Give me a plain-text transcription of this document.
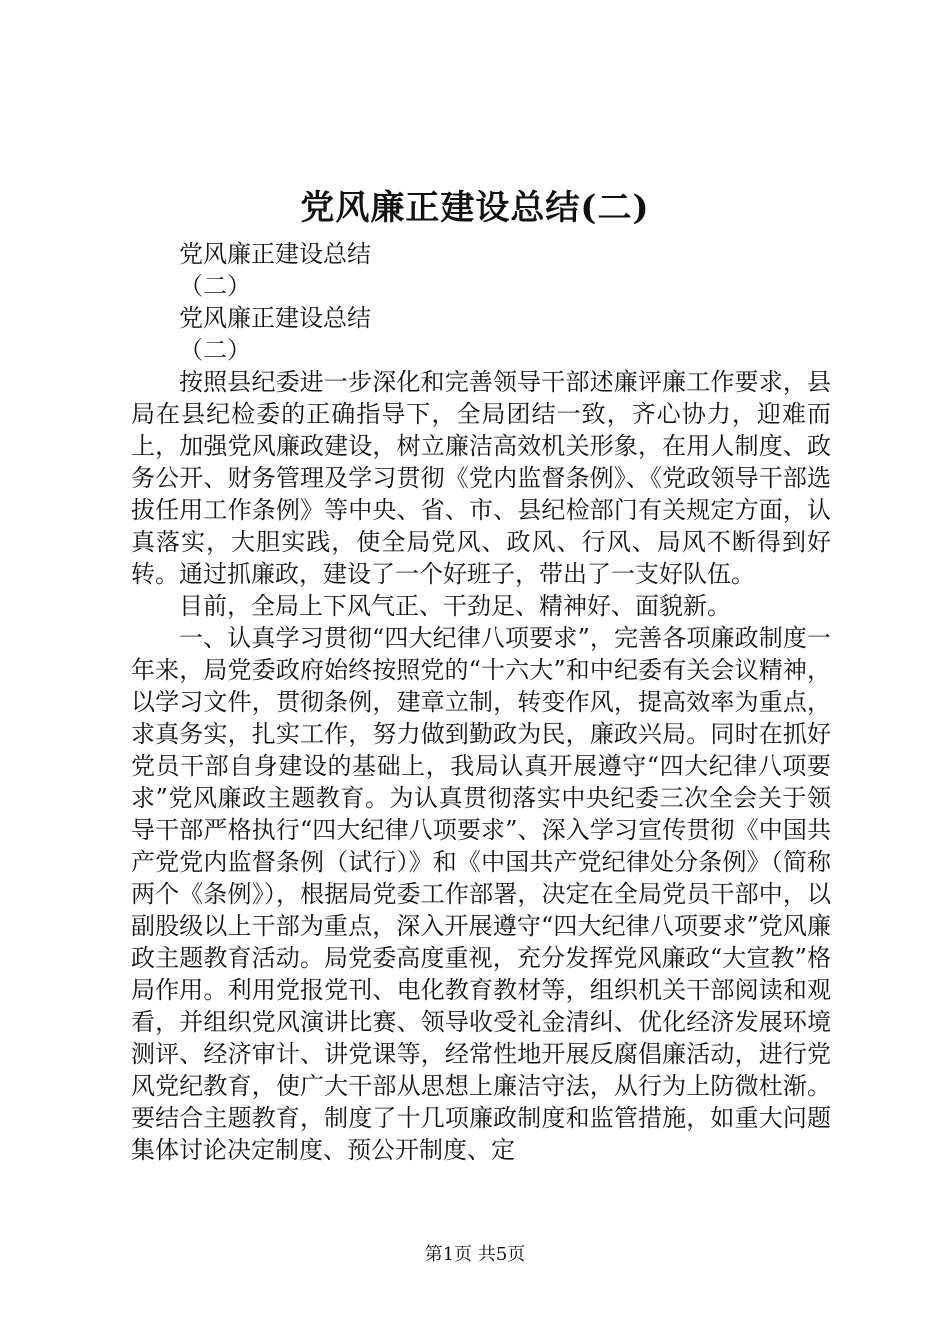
党风廉正建设总结(二)

党风廉正建设总结

（二）

党风廉正建设总结

（二）

按照县纪委进一步深化和完善领导干部述廉评廉工作要求，县局在县纪检委的正确指导下，全局团结一致，齐心协力，迎难而上，加强党风廉政建设，树立廉洁高效机关形象，在用人制度、政务公开、财务管理及学习贯彻《党内监督条例》、《党政领导干部选拔任用工作条例》等中央、省、市、县纪检部门有关规定方面，认真落实，大胆实践，使全局党风、政风、行风、局风不断得到好转。通过抓廉政，建设了一个好班子，带出了一支好队伍。

目前，全局上下风气正、干劲足、精神好、面貌新。

一、认真学习贯彻“四大纪律八项要求”，完善各项廉政制度一年来，局党委政府始终按照党的“十六大”和中纪委有关会议精神，以学习文件，贯彻条例，建章立制，转变作风，提高效率为重点，求真务实，扎实工作，努力做到勤政为民，廉政兴局。同时在抓好党员干部自身建设的基础上，我局认真开展遵守“四大纪律八项要求”党风廉政主题教育。为认真贯彻落实中央纪委三次全会关于领导干部严格执行“四大纪律八项要求”、深入学习宣传贯彻《中国共产党党内监督条例（试行）》和《中国共产党纪律处分条例》（简称两个《条例》），根据局党委工作部署，决定在全局党员干部中，以副股级以上干部为重点，深入开展遵守“四大纪律八项要求”党风廉政主题教育活动。局党委高度重视，充分发挥党风廉政“大宣教”格局作用。利用党报党刊、电化教育教材等，组织机关干部阅读和观看，并组织党风演讲比赛、领导收受礼金清纠、优化经济发展环境测评、经济审计、讲党课等，经常性地开展反腐倡廉活动，进行党风党纪教育，使广大干部从思想上廉洁守法，从行为上防微杜渐。要结合主题教育，制度了十几项廉政制度和监管措施，如重大问题集体讨论决定制度、预公开制度、定

第1页 共5页
